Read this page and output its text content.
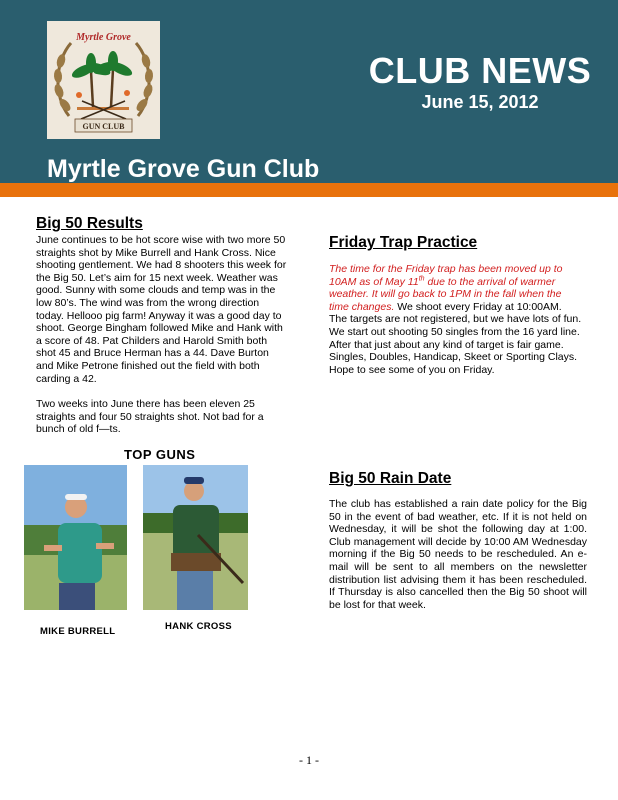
GUN CLUB
Myrtle Grove
CLUB NEWS
June 15, 2012
Myrtle Grove Gun Club
Big 50 Results

June continues to be hot score wise with two more 50 straights shot by Mike Burrell and Hank Cross. Nice shooting gentlement. We had 8 shooters this week for the Big 50. Let’s aim for 15 next week. Weather was good. Sunny with some clouds and temp was in the low 80’s. The wind was from the wrong direction today. Hellooo pig farm! Anyway it was a good day to shoot. George Bingham followed Mike and Hank with a score of 48. Pat Childers and Harold Smith both shot 45 and Bruce Herman has a 44. Dave Burton and Mike Petrone finished out the field with both carding a 42.

Two weeks into June there has been eleven 25 straights and four 50 straights shot. Not bad for a bunch of old f—ts.

TOP GUNS
MIKE BURRELL	HANK CROSS
Friday Trap Practice

The time for the Friday trap has been moved up to 10AM as of May 11th due to the arrival of warmer weather. It will go back to 1PM in the fall when the time changes. We shoot every Friday at 10:00AM. The targets are not registered, but we have lots of fun. We start out shooting 50 singles from the 16 yard line. After that just about any kind of target is fair game. Singles, Doubles, Handicap, Skeet or Sporting Clays. Hope to see some of you on Friday.

Big 50 Rain Date

The club has established a rain date policy for the Big 50 in the event of bad weather, etc. If it is not held on Wednesday, it will be shot the following day at 1:00. Club management will decide by 10:00 AM Wednesday morning if the Big 50 needs to be rescheduled. An e-mail will be sent to all members on the newsletter distribution list advising them it has been rescheduled. If Thursday is also cancelled then the Big 50 shoot will be lost for that week.

- 1 -
